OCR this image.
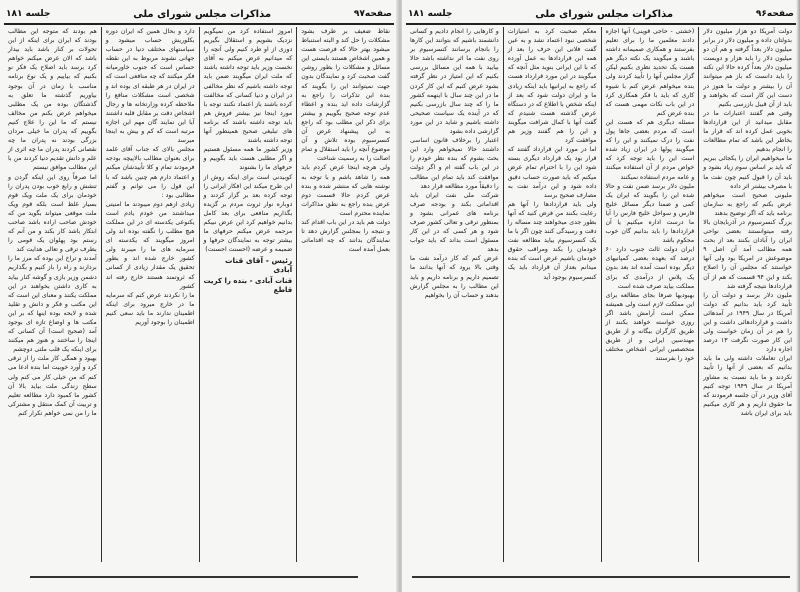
صفحه۹۷
مذاکرات مجلس شورای ملی
جلسه ۱۸۱

نقاط ضعیف بر طرف بشود مشکلات را حل کند و البته استنباط میشود بهتر حالا که فرصت هست و همین اشخاص هستند بایستی این مسائل و مشکلات را بطور روشن گفت صحبت کرد و نمایندگان بدون جهت نمیتوانند این را بگویند که بنده این تذکرات را راجع به گزارشات داده اید بنده و اعطاء عدم توجه صحیح بگوییم و بیشتر برای ذکر این مطلب بود که راجع به این پیشنهاد غرض آن کنسرسیوم بوده تلاش و آن موضوع آنچه را باید استقلال و تمام اصالت را به رسمیت شناخت

ولی هرچه اینجا عرض کردم باید همه را شاهد باشم و با توجه به نوشته هایی که منتشر شده و بنده عرض کردم حالا قسمت دوم عرض بنده راجع به نطق مذاکرات نماینده محترم است

دولت هم باید در این باب اقدام کند و نتیجه را بمجلس گزارش دهد تا نمایندگان بدانند که چه اقداماتی بعمل آمده است

امروز استفاده کرد من نمیگویم نزدیک بشویم و استقلال بگیریم دوری از او طرد کنیم ولی آنچه را که میدانیم عرض میکنم به آقای نخست وزیر باید توجه داشته باشند که ملت ایران میگویند ضمن باید توجه داشته باشیم که نظر مخالفی در ایران و دنیا کسانی که مخالفت کرده باشند باز اعتماد نکنند توجه با مورد اینجا نیز بیشتر فروش هم باید توجه داشته باشند که برنامه های تبلیغی صحیح همینطور آنها توجه داشته باشند

وزیر کشور ما همه مسئول هستیم و اگر مطلبی هست باید بگوییم و حرفهای ما را بشنوند

کوبیدنی است برای اینکه روش از این طرح میکند این افکار ایرانی را توجه کرده بعد بر گزار کردند و دوباره نوار ثروت مردم بر گزیده بگذاریم منافعی برای بعد کامل بدانیم خواهیم کرد این عرض نبیکم مرحمه عرض میکنم حرفهای ما بیشتر توجه به نمایندگان حرفها و ضمیمه و عرضه (احسنت احسنت)

رئیس - آقای قنات آبادی
قنات آبادی - بنده را کریت قاطع

دارد و بحال همین که ایران دوره بکلوریش حساب میشود و سیاستهای مختلف دنیا در حساب جهانی نشوند مربوط به این نقطه حساس است که جنوب خاورمیانه فکر میکنند که چه منافعی است که در ایران در هر طبقه ای بوده اند و شخصی است مشکلات منافع را ملاحظه کرده وزارتخانه ها و رجال اشخاص دقت بر مقابل قلبه داشتند آیا این نمایند گان مهم این اجازه مرتبه است که کم و بیش به اینجا میرسد

مجلس بالای که جناب آقای غلمد برای بعنوان مطالب بالاپیچه بودجه فرمودند تمام و کلا تأییدشان میکنم و اعتماد دارم هم چنین باشد که با این قول را می توانم و گفتم مطالبی بود :

زیادی ازهم دوم میبودند ما امنیتی میداشتند من خودم یادم است یکنوعی یکدسته ای در این مملکت هیچ مطلب را نگفته بوده اند ولی امروز میگویند که یکدسته ای سرمایه های ما را میبرند ولی کشور خارج شده اند و بطور تحقیق یک مقدار زیادی از کسانی که ثروتمند هستند خارج رفته اند کشور

ما را نکردند عرض کنم که سرمایه ما در خارج میرود برای اینکه اطمینان ندارند ما باید سعی کنیم اطمینان را بوجود آوریم

هم بودند که متوجه این مطالب بودند که ایران برای اینکه از این تحولات بر کنار باشد باید بیدار باشد که الان عرض میکنم خواهم کرد برسد باید اصلاح یک فکر نو بکنیم که بیاییم و یک نوع برنامه مناسب با زمان در آن بوجود بیاوریم گذشته ما تعلق به گذشتگان بوده من یک مطلبی میخواهم عرض بکنم من مخالف نیستم که ما این را علاج کنیم بگوییم که پدران ما خیلی مردان بزرگی بودند نه پدران ما چه نقصانی کردند پدران ما چه اثری از علم و دانش تقدیم دنیا کردند من با این مطالب موافق نیستم

اما صرفاً روی این اینکه گردن و تنشش و رابع خوب بودن پدران را خودمان برای یک ملت ویک قوم بسیار غلط است بلکه قوم ویک ملت موقعی میتواند بگوید من که خودش صاحب اراده باشد صاحب ابتکار باشد کار بکند و من آنم که رستم بود پهلوان یک قومی را بطرف ترقی و تعالی هدایت کند

آمدند و تراخ این بوده که مرز ما را بردارند و راه را باز کنیم و بگذاریم دشمن وزیر بازی و گوشه کنار بیاید به کاری داشتن بخواهند در این مملکت یکنند و معنای این است که این مکتب و فکر و دانش و تقلید شده و لایحه بوده اینها که بر این مکتب ها و اوضاع تازه ای بوجود آمد (صحیح است) آن کسانی که اینجا را ساختند و هنوز هم میکنند برای اینکه یک قلب ملتی دوچشم

بهبود و همگی کار ملت را از ترقی کرد و آورد خوبیت اما بنده ادعا می کنم که من خیلی کار می کنم ولی سطح زندگی ملت بیاید بالا آن کشور ما کمبود دارد مطالعه تعلیم و تربیت آن کمک منتقل و مشترکی ما را من نمی خواهم تکرار کنم

صفحه۹۶
مذاکرات مجلس شورای ملی
جلسه ۱۸۱

دولت آمریکا دو هزار میلیون دلار بدولتان داده و میلیون دلار در برابر میلیون دلار بعداً گرفته و هم آن دو میلیون دلار را باید هزار و دویست میلیون دلار بعداً کرده حالا این نکته را باید دانست که باز هم میتوانند آن را بیشتر و دولت ما هنوز در دست این کار است که بخواهند و باید از آن قبیل بازرسی بکنیم

وقتی هم گفتند اعتبارات ما در مقابل میدانید از این قراردادها بخوبی عمل کرده اند که قرار ما بخاطر این باشد که تمام مطالعات را انجام بدهیم

ما میخواهیم ایران را یکجائی ببریم که باید بر اساس سوم زیاد بشود و باید آن را قبول کنیم چون نفت ما با مصرف بیشتر اثر داده

ملیونی صحیح است میخواهم عرض بکنم که راجع به سازمان برنامه باید که اگر توضیح بدهند

بزرگ کنسرسیوم در آذربایجان بالا رفته میتوانستند بعضی نواحی ایران را آبادان بکنند بعد از بحث همه مطالب آمد آن اصل ۹ موضوعش در امریکا بود ولی آنها خواستند که مجلس آن را اصلاح بکند و این ۹۴ قسمت که هم از آن قراردادها نتیجه گرفته شد

ملیون دلار برسد و دولت آن را تأیید کرد باید بدانیم که دولت آمریکا در سال ۱۹۴۹ در آمدهائی داشت و قراردادهائی داشت و این را هم در آن زمان خواست ولی این کار صورت نگرفت ۱۳ درصد اجاره دارد

ایران تعاملات داشته ولی ما باید بدانیم که بعضی از آنها را تأیید نکردند و ما باید نسبت به مشاور آمریکا در سال ۱۹۴۹ توجه کنیم آقای وزیر در آن جلسه فرمودند که ما حقوق داریم و هر کاری میکنیم باید برای ایران باشد

(خشتی - حاجی قوینی) آنها اجازه دادند معلمین ما را برای تعلیم بفرستند و همکاری صمیمانه داشته باشند و میگویند یک نکته دیگر هم هست یک تحدید نظری بکنیم لیکن گزار مجلس آنها را تأیید کردند ولی بنده میخواهم عرض کنم با شیوه کاری که باید با فکر همکاری کرد در این باب نکات مهمی هست که بنده عرض کنم

مسئله دیگری هم که هست این است که مردم بعضی جاها پول نفت را درک نمیکنند و این را که میگویند پولها در ایران زیاد شده است این را باید توجه کرد که خواص مردم از آن استفاده میکنند و عامه مردم استفاده نمیکنند

ملیون دلار برسد ضمن نفت و حالا شده این را بگویند که ایران یک کمی و ضمنا دیگر مسائل خلیج فارس و سواحل خلیج فارس را آیا ما درست اداره میکنیم یا آن قراردادها را باید بدانیم گان خوب محکوم باشد

ایران دولت ثالث جنوب دارد ۶۰ درصد که بعهده بعضی کمپانیهای دیگر بوده است آمده اند بعد بدون یک پلاس از درآمدی که برای مملکت بیاید صرف شده است

بهبودیها صرفا بجای مطالعه برای این مملکت لازم است ولی همیشه ممکن است آرامش باشد اگر روزی خواسته خواهند بکنند از طریق کارگران بیگانه و از طریق مهندسین ایرانی و از طریق متخصصین ایرانی اشخاص مختلف خود را بفرستند

معکم صحبت کرد به امتیازات شخصی نبود اعتماد نشد و به عین گفت فلانی این حرف را بعد از همه این قراردادها به عمل آورده که با این ایرانی بنوید مثل آنچه که میگویند در این مورد قرارداد هست که راجع به ایرانیها باید اینکه زیادی ما و ایران دولت شود که بعد از اینکه شخص با اطلاع که در دستگاه عرض گذشته هست شنیدم که گفت آنها با کمال شرافت میگویند و این را هم گفتند وزیر هم موافقت کرد

اما در مورد این قرارداد گفتند که قرار بود یک قرارداد دیگری بسته شود این را با احترام تمام عرض میکنم که باید صورت حساب دقیق داده شود و این درآمد نفت به مصارف صحیح برسد

ولی باید قراردادها را آنها هم رعایت بکنند من فرض کنید که آنها بطور جدی میخواهند چند مساله را دقت و رسیدگی کنند چون اگر با ما یک کنسرسیوم بیاید مطالعه نفت خودمان را بکند ومراقب حقوق خودمان باشیم عرض است که بنده میدانم بعداز آن قرارداد باید یک کنسرسیوم بوجود آید

و کارهایی را انجام دادیم و کسانی دانشمند باشیم که بتوانند این کارها را بانجام برسانند کنسرسیوم بر روی نفت ما اثر نداشته باشد حالا بیایید با همه این مسائل بررسی بکنیم که این امتیاز در نظر گرفته بشود عرض کنیم که این کار کردن ما در این چند سال با اینهمه کشور ما را که چند سال بازرسی بکنیم که در آینده یک سیاست صحیحی داشته باشیم و شاید در این مورد گزارشی داده بشود

اعتبار را برخلاف قانون اساسی داشتند حالا نمیخواهم وارد این بحث بشوم که بنده نظر خودم را در این باب گفته ام و اگر دولت موافقت کند باید تمام این مطالب را دقیقاً مورد مطالعه قرار دهد

شرکت ملی نفت ایران باید اقداماتی بکند و بودجه صرف برنامه های عمرانی بشود و بمنظور ترقی و تعالی کشور صرف شود و هر کسی که در این کار مسئول است بداند که باید جواب بدهد

عرض کنم که کار درآمد نفت ما وقتی بالا برود که آنها بدانند ما تصمیم داریم و برنامه داریم و باید این مطالب را به مجلس گزارش بدهند و حساب آن را بخواهیم
